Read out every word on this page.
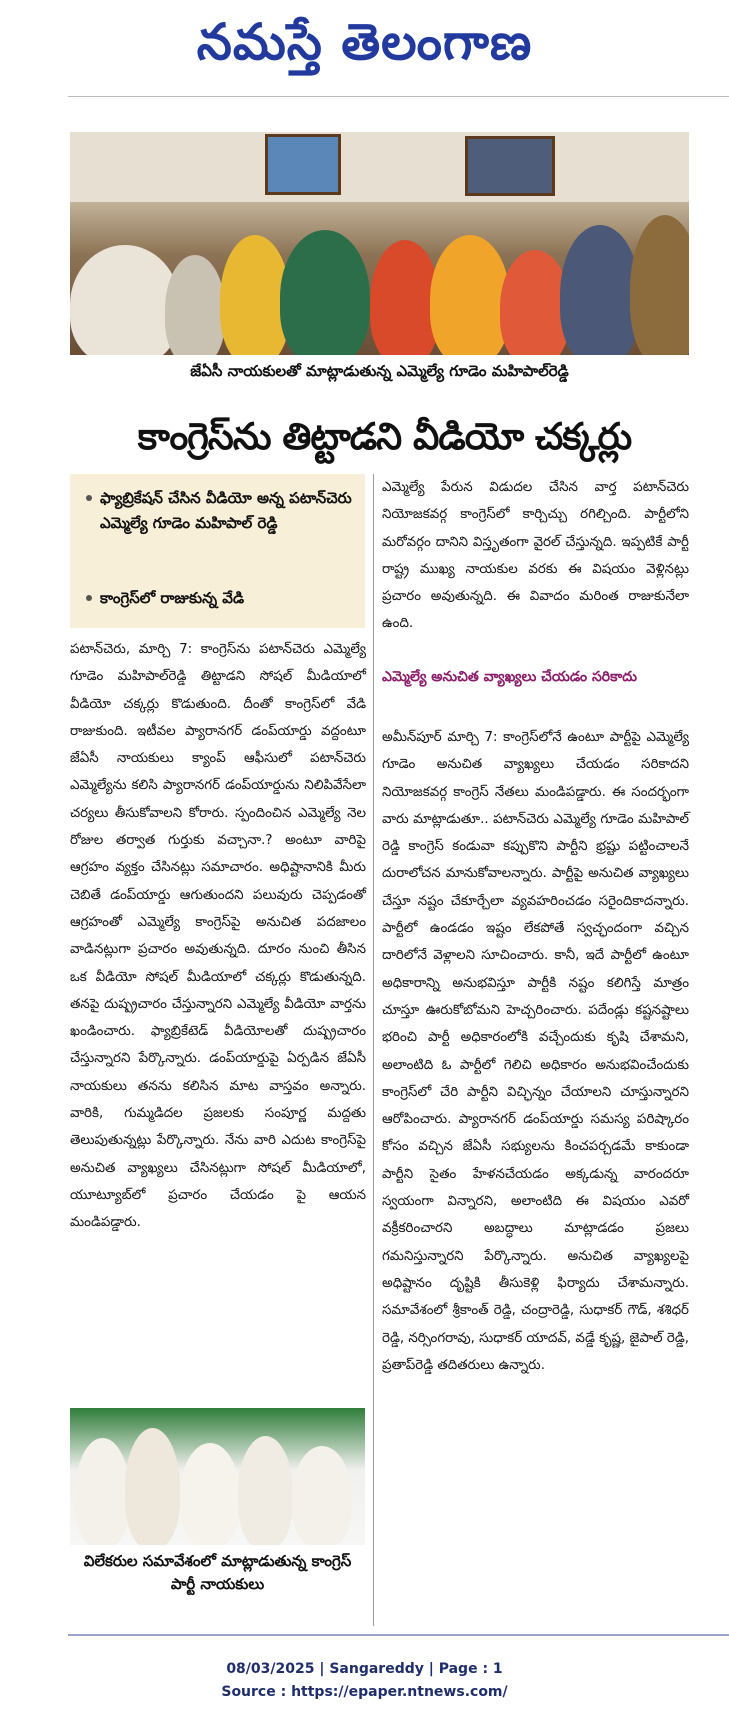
నమస్తే తెలంగాణ
జేఏసీ నాయకులతో మాట్లాడుతున్న ఎమ్మెల్యే గూడెం మహిపాల్‌రెడ్డి
కాంగ్రెస్‌ను తిట్టాడని వీడియో చక్కర్లు
ఫ్యాబ్రికేషన్ చేసిన వీడియో అన్న పటాన్‌చెరు ఎమ్మెల్యే గూడెం మహిపాల్ రెడ్డి
కాంగ్రెస్‌లో రాజుకున్న వేడి
పటాన్‌చెరు, మార్చి 7: కాంగ్రెస్‌ను పటాన్‌చెరు ఎమ్మెల్యే గూడెం మహిపాల్‌రెడ్డి తిట్టాడని సోషల్ మీడియాలో వీడియో చక్కర్లు కొడుతుంది. దీంతో కాంగ్రెస్‌లో వేడి రాజుకుంది. ఇటీవల ప్యారానగర్ డంప్‌యార్డు వద్దంటూ జేఏసీ నాయకులు క్యాంప్ ఆఫీసులో పటాన్‌చెరు ఎమ్మెల్యేను కలిసి ప్యారానగర్ డంప్‌యార్డును నిలిపివేసేలా చర్యలు తీసుకోవాలని కోరారు. స్పందించిన ఎమ్మెల్యే నెల రోజుల తర్వాత గుర్తుకు వచ్చానా.? అంటూ వారిపై ఆగ్రహం వ్యక్తం చేసినట్లు సమాచారం. అధిష్టానానికి మీరు చెబితే డంప్‌యార్డు ఆగుతుందని పలువురు చెప్పడంతో ఆగ్రహంతో ఎమ్మెల్యే కాంగ్రెస్‌పై అనుచిత పదజాలం వాడినట్లుగా ప్రచారం అవుతున్నది. దూరం నుంచి తీసిన ఒక వీడియో సోషల్ మీడియాలో చక్కర్లు కొడుతున్నది. తనపై దుష్ప్రచారం చేస్తున్నారని ఎమ్మెల్యే వీడియో వార్తను ఖండించారు. ఫ్యాబ్రికేటెడ్ వీడియోలతో దుష్ప్రచారం చేస్తున్నారని పేర్కొన్నారు. డంప్‌యార్డుపై ఏర్పడిన జేఏసీ నాయకులు తనను కలిసిన మాట వాస్తవం అన్నారు. వారికి, గుమ్మడిదల ప్రజలకు సంపూర్ణ మద్దతు తెలుపుతున్నట్లు పేర్కొన్నారు. నేను వారి ఎదుట కాంగ్రెస్‌పై అనుచిత వ్యాఖ్యలు చేసినట్లుగా సోషల్ మీడియాలో, యూట్యూబ్‌లో ప్రచారం చేయడం పై ఆయన మండిపడ్డారు.
ఎమ్మెల్యే పేరున విడుదల చేసిన వార్త పటాన్‌చెరు నియోజకవర్గ కాంగ్రెస్‌లో కార్చిచ్చు రగిల్చింది. పార్టీలోని మరోవర్గం దానిని విస్తృతంగా వైరల్ చేస్తున్నది. ఇప్పటికే పార్టీ రాష్ట్ర ముఖ్య నాయకుల వరకు ఈ విషయం వెళ్లినట్లు ప్రచారం అవుతున్నది. ఈ వివాదం మరింత రాజుకునేలా ఉంది.
ఎమ్మెల్యే అనుచిత వ్యాఖ్యలు చేయడం సరికాదు
అమీన్‌పూర్ మార్చి 7: కాంగ్రెస్‌లోనే ఉంటూ పార్టీపై ఎమ్మెల్యే గూడెం అనుచిత వ్యాఖ్యలు చేయడం సరికాదని నియోజకవర్గ కాంగ్రెస్ నేతలు మండిపడ్డారు. ఈ సందర్భంగా వారు మాట్లాడుతూ.. పటాన్‌చెరు ఎమ్మెల్యే గూడెం మహిపాల్ రెడ్డి కాంగ్రెస్ కండువా కప్పుకొని పార్టీని భ్రష్టు పట్టించాలనే దురాలోచన మానుకోవాలన్నారు. పార్టీపై అనుచిత వ్యాఖ్యలు చేస్తూ నష్టం చేకూర్చేలా వ్యవహరించడం సరైందికాదన్నారు. పార్టీలో ఉండడం ఇష్టం లేకపోతే స్వచ్ఛందంగా వచ్చిన దారిలోనే వెళ్లాలని సూచించారు. కానీ, ఇదే పార్టీలో ఉంటూ అధికారాన్ని అనుభవిస్తూ పార్టీకి నష్టం కలిగిస్తే మాత్రం చూస్తూ ఊరుకోబోమని హెచ్చరించారు. పదేండ్లు కష్టనష్టాలు భరించి పార్టీ అధికారంలోకి వచ్చేందుకు కృషి చేశామని, అలాంటిది ఓ పార్టీలో గెలిచి అధికారం అనుభవించేందుకు కాంగ్రెస్‌లో చేరి పార్టీని విచ్ఛిన్నం చేయాలని చూస్తున్నారని ఆరోపించారు. ప్యారానగర్ డంప్‌యార్డు సమస్య పరిష్కారం కోసం వచ్చిన జేఏసీ సభ్యులను కించపర్చడమే కాకుండా పార్టీని సైతం హేళనచేయడం అక్కడున్న వారందరూ స్వయంగా విన్నారని, అలాంటిది ఈ విషయం ఎవరో వక్రీకరించారని అబద్ధాలు మాట్లాడడం ప్రజలు గమనిస్తున్నారని పేర్కొన్నారు. అనుచిత వ్యాఖ్యలపై అధిష్టానం దృష్టికి తీసుకెళ్లి ఫిర్యాదు చేశామన్నారు. సమావేశంలో శ్రీకాంత్ రెడ్డి, చంద్రారెడ్డి, సుధాకర్ గౌడ్, శశిధర్ రెడ్డి, నర్సింగరావు, సుధాకర్ యాదవ్, వడ్డే కృష్ణ, జైపాల్ రెడ్డి, ప్రతాప్‌రెడ్డి తదితరులు ఉన్నారు.
విలేకరుల సమావేశంలో మాట్లాడుతున్న కాంగ్రెస్ పార్టీ నాయకులు
08/03/2025 | Sangareddy | Page : 1
Source : https://epaper.ntnews.com/
